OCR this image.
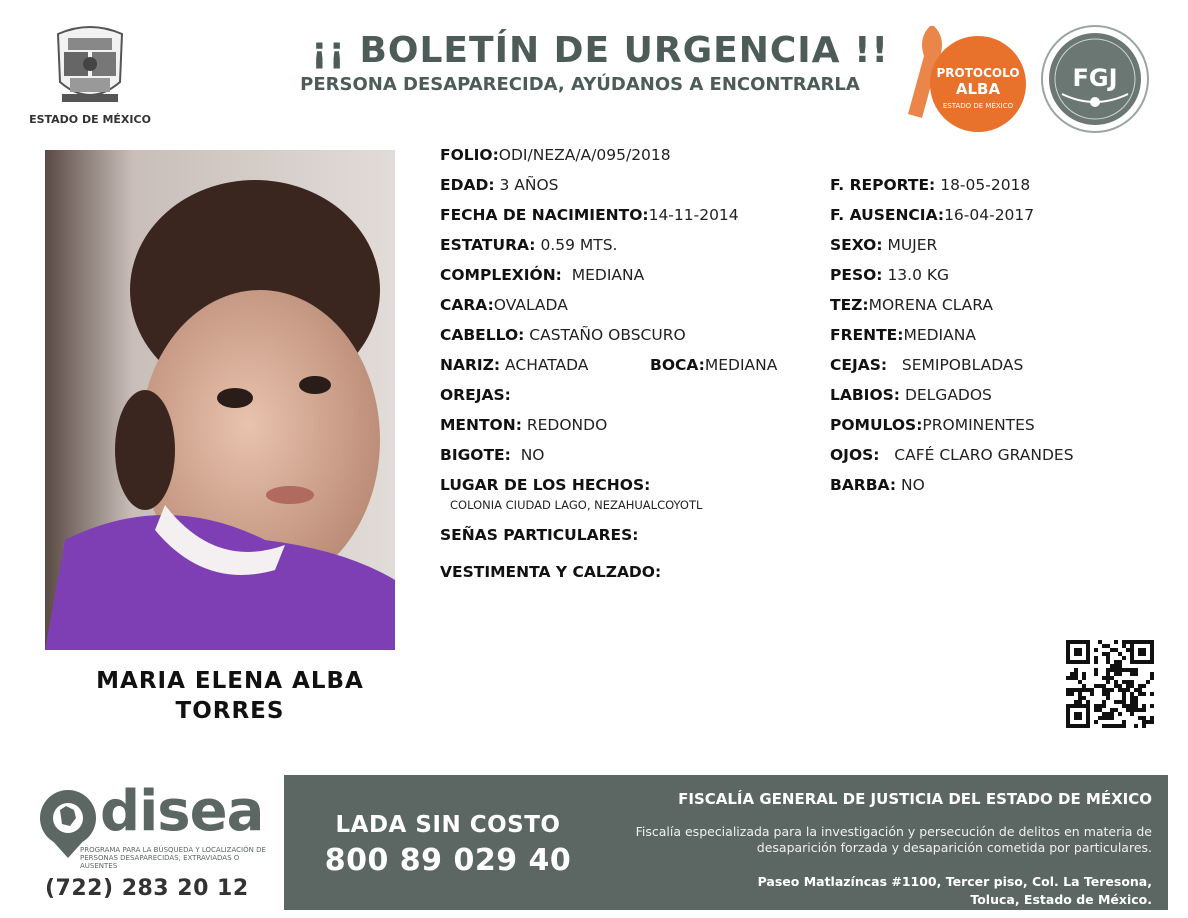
ESTADO DE MÉXICO
¡¡ BOLETÍN DE URGENCIA !!
PERSONA DESAPARECIDA, AYÚDANOS A ENCONTRARLA
PROTOCOLO
ALBA
ESTADO DE MÉXICO
FGJ
MARIA ELENA ALBA TORRES
FOLIO:ODI/NEZA/A/095/2018
EDAD: 3 AÑOS
FECHA DE NACIMIENTO:14-11-2014
ESTATURA: 0.59 MTS.
COMPLEXIÓN: MEDIANA
CARA:OVALADA
CABELLO: CASTAÑO OBSCURO
NARIZ: ACHATADA	BOCA:MEDIANA
OREJAS:
MENTON: REDONDO
BIGOTE: NO
LUGAR DE LOS HECHOS:
COLONIA CIUDAD LAGO, NEZAHUALCOYOTL
SEÑAS PARTICULARES:
VESTIMENTA Y CALZADO:
F. REPORTE: 18-05-2018
F. AUSENCIA:16-04-2017
SEXO: MUJER
PESO: 13.0 KG
TEZ:MORENA CLARA
FRENTE:MEDIANA
CEJAS: SEMIPOBLADAS
LABIOS: DELGADOS
POMULOS:PROMINENTES
OJOS: CAFÉ CLARO GRANDES
BARBA: NO
disea
PROGRAMA PARA LA BÚSQUEDA Y LOCALIZACIÓN DE PERSONAS DESAPARECIDAS, EXTRAVIADAS O AUSENTES
(722) 283 20 12
LADA SIN COSTO
800 89 029 40
FISCALÍA GENERAL DE JUSTICIA DEL ESTADO DE MÉXICO
Fiscalía especializada para la investigación y persecución de delitos en materia de desaparición forzada y desaparición cometida por particulares.
Paseo Matlazíncas #1100, Tercer piso, Col. La Teresona,
Toluca, Estado de México.
